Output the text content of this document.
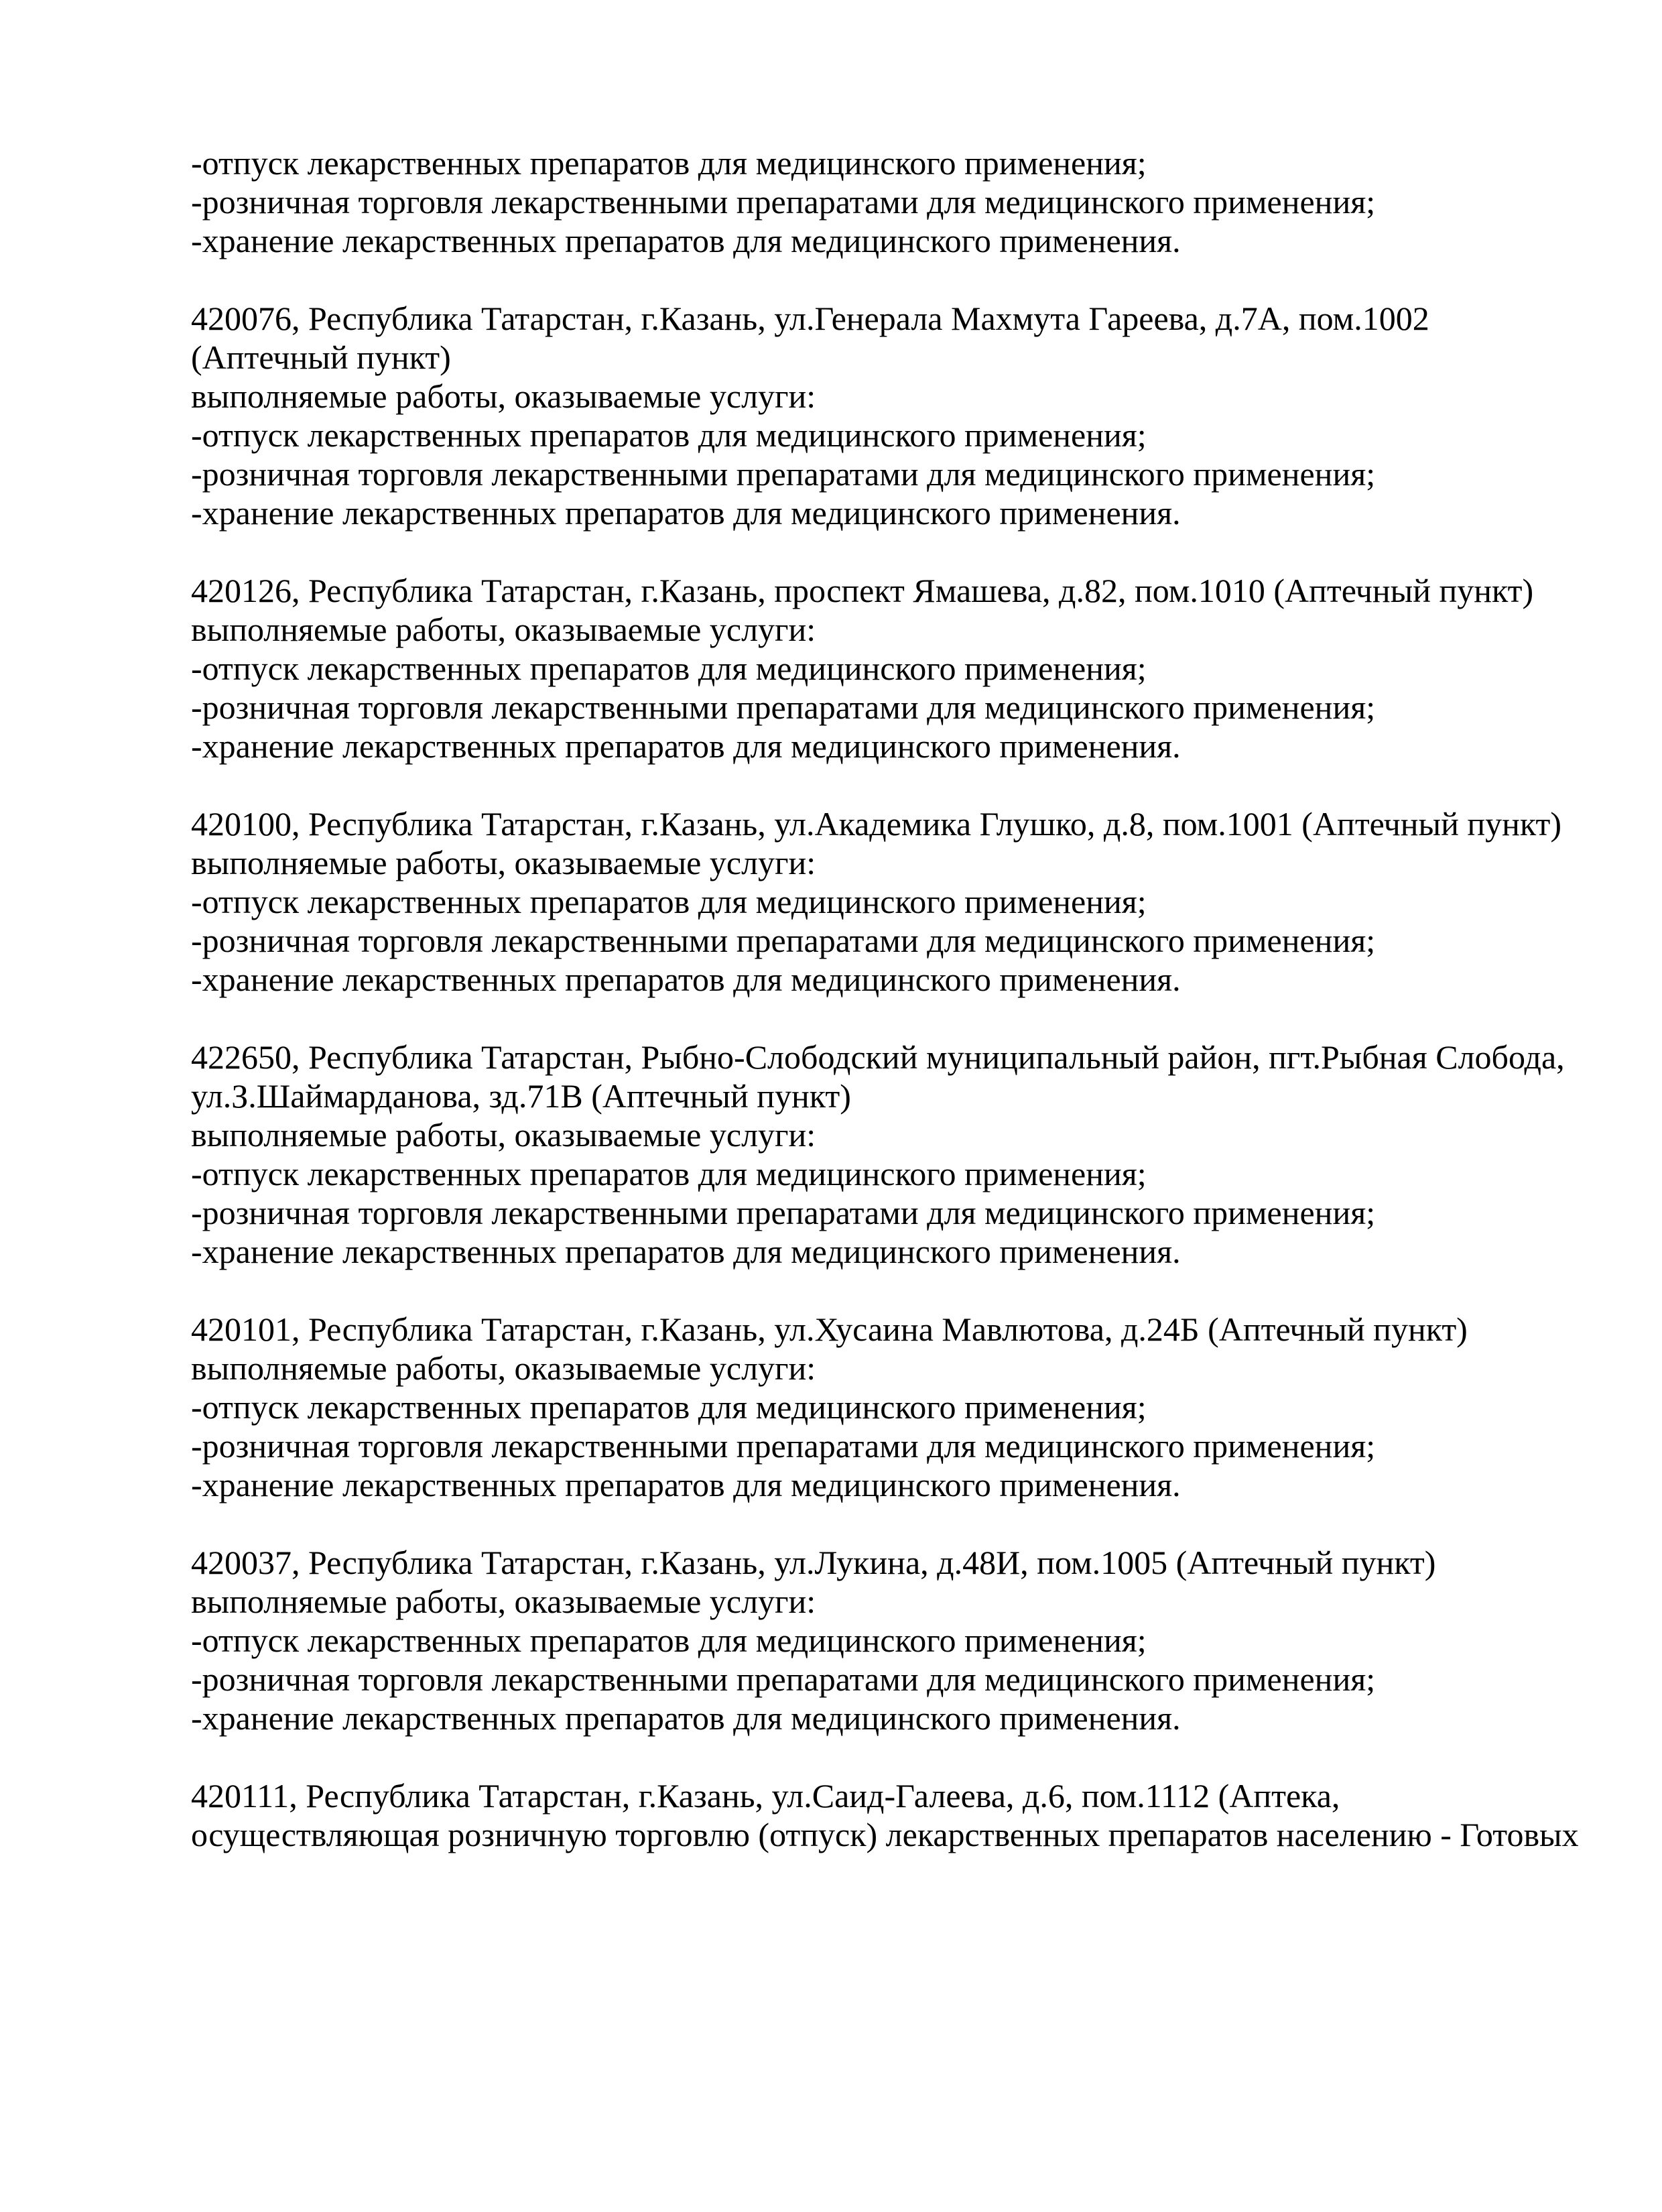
-отпуск лекарственных препаратов для медицинского применения;
-розничная торговля лекарственными препаратами для медицинского применения;
-хранение лекарственных препаратов для медицинского применения.
420076, Республика Татарстан, г.Казань, ул.Генерала Махмута Гареева, д.7А, пом.1002
(Аптечный пункт)
выполняемые работы, оказываемые услуги:
-отпуск лекарственных препаратов для медицинского применения;
-розничная торговля лекарственными препаратами для медицинского применения;
-хранение лекарственных препаратов для медицинского применения.
420126, Республика Татарстан, г.Казань, проспект Ямашева, д.82, пом.1010 (Аптечный пункт)
выполняемые работы, оказываемые услуги:
-отпуск лекарственных препаратов для медицинского применения;
-розничная торговля лекарственными препаратами для медицинского применения;
-хранение лекарственных препаратов для медицинского применения.
420100, Республика Татарстан, г.Казань, ул.Академика Глушко, д.8, пом.1001 (Аптечный пункт)
выполняемые работы, оказываемые услуги:
-отпуск лекарственных препаратов для медицинского применения;
-розничная торговля лекарственными препаратами для медицинского применения;
-хранение лекарственных препаратов для медицинского применения.
422650, Республика Татарстан, Рыбно-Слободский муниципальный район, пгт.Рыбная Слобода,
ул.З.Шаймарданова, зд.71В (Аптечный пункт)
выполняемые работы, оказываемые услуги:
-отпуск лекарственных препаратов для медицинского применения;
-розничная торговля лекарственными препаратами для медицинского применения;
-хранение лекарственных препаратов для медицинского применения.
420101, Республика Татарстан, г.Казань, ул.Хусаина Мавлютова, д.24Б (Аптечный пункт)
выполняемые работы, оказываемые услуги:
-отпуск лекарственных препаратов для медицинского применения;
-розничная торговля лекарственными препаратами для медицинского применения;
-хранение лекарственных препаратов для медицинского применения.
420037, Республика Татарстан, г.Казань, ул.Лукина, д.48И, пом.1005 (Аптечный пункт)
выполняемые работы, оказываемые услуги:
-отпуск лекарственных препаратов для медицинского применения;
-розничная торговля лекарственными препаратами для медицинского применения;
-хранение лекарственных препаратов для медицинского применения.
420111, Республика Татарстан, г.Казань, ул.Саид-Галеева, д.6, пом.1112 (Аптека,
осуществляющая розничную торговлю (отпуск) лекарственных препаратов населению - Готовых
